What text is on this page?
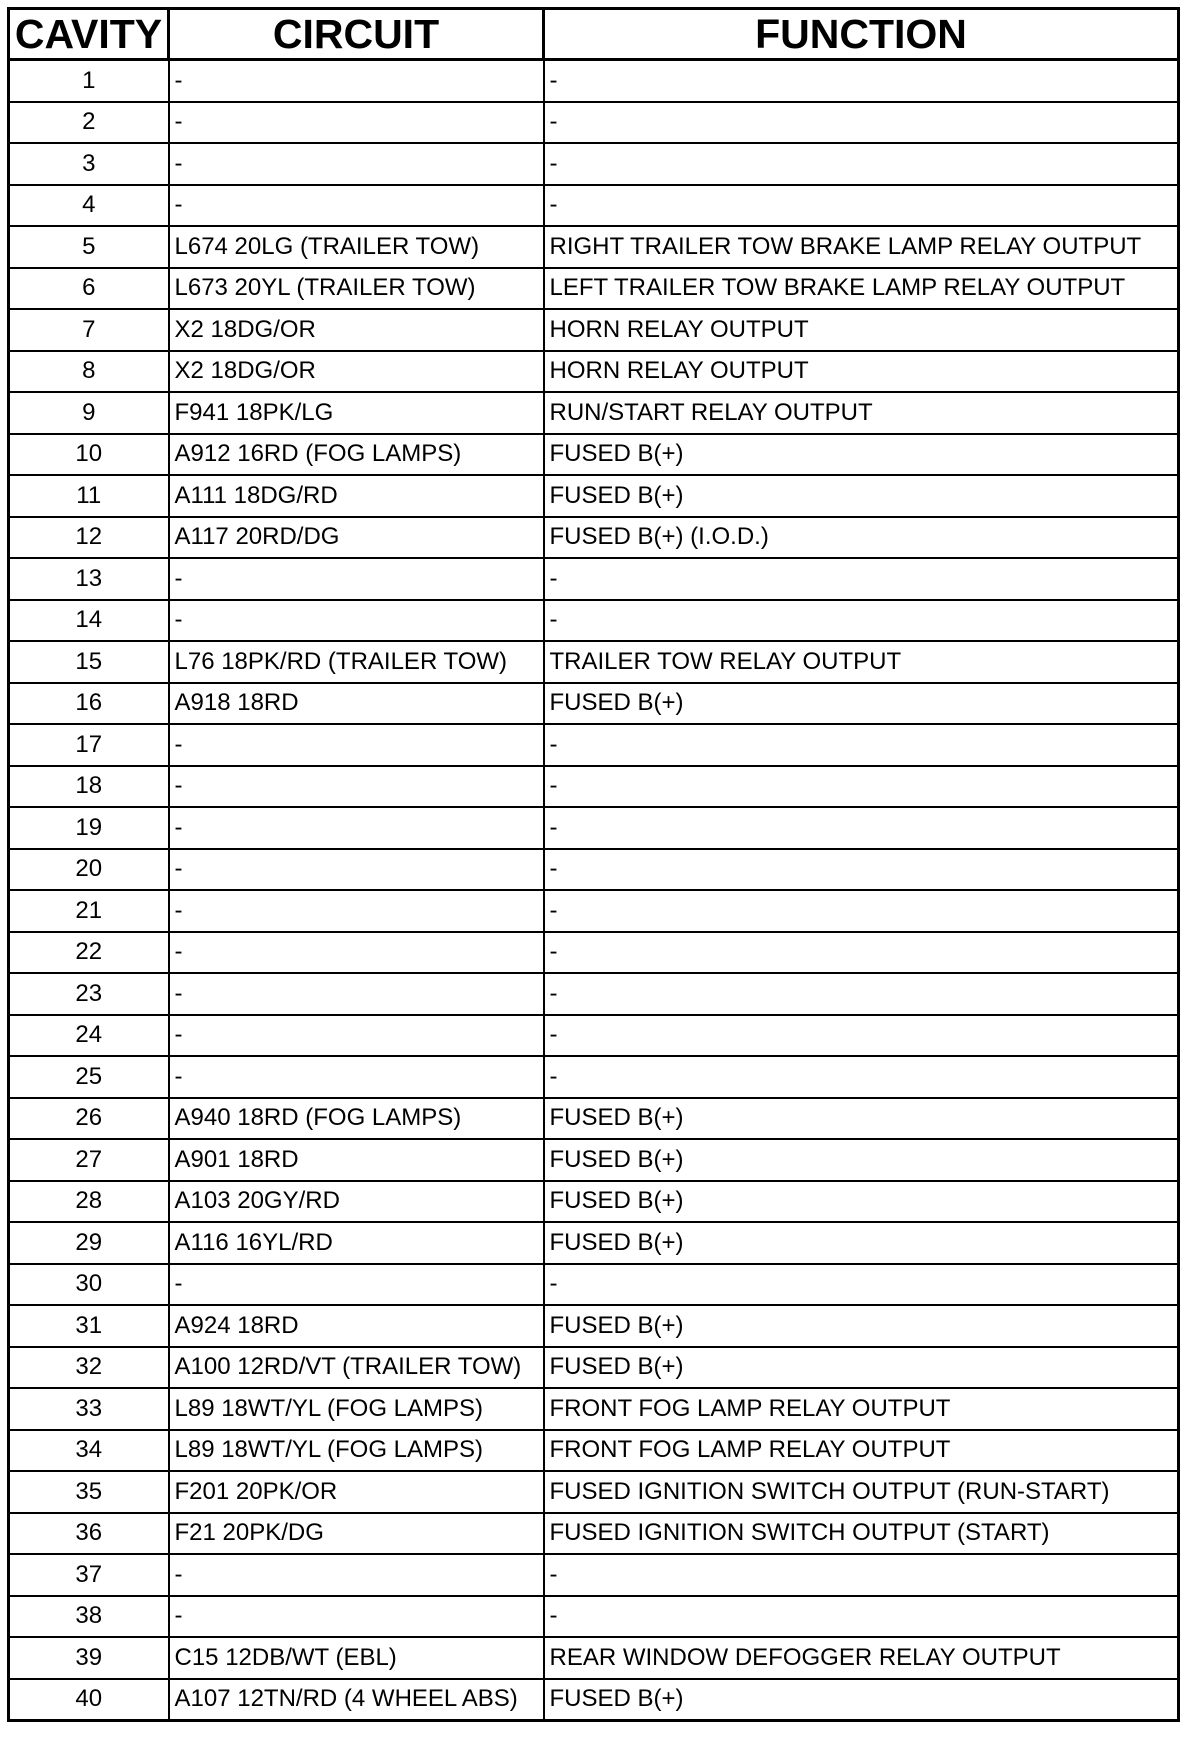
CAVITY	CIRCUIT	FUNCTION
1	-	-
2	-	-
3	-	-
4	-	-
5	L674 20LG (TRAILER TOW)	RIGHT TRAILER TOW BRAKE LAMP RELAY OUTPUT
6	L673 20YL (TRAILER TOW)	LEFT TRAILER TOW BRAKE LAMP RELAY OUTPUT
7	X2 18DG/OR	HORN RELAY OUTPUT
8	X2 18DG/OR	HORN RELAY OUTPUT
9	F941 18PK/LG	RUN/START RELAY OUTPUT
10	A912 16RD (FOG LAMPS)	FUSED B(+)
11	A111 18DG/RD	FUSED B(+)
12	A117 20RD/DG	FUSED B(+) (I.O.D.)
13	-	-
14	-	-
15	L76 18PK/RD (TRAILER TOW)	TRAILER TOW RELAY OUTPUT
16	A918 18RD	FUSED B(+)
17	-	-
18	-	-
19	-	-
20	-	-
21	-	-
22	-	-
23	-	-
24	-	-
25	-	-
26	A940 18RD (FOG LAMPS)	FUSED B(+)
27	A901 18RD	FUSED B(+)
28	A103 20GY/RD	FUSED B(+)
29	A116 16YL/RD	FUSED B(+)
30	-	-
31	A924 18RD	FUSED B(+)
32	A100 12RD/VT (TRAILER TOW)	FUSED B(+)
33	L89 18WT/YL (FOG LAMPS)	FRONT FOG LAMP RELAY OUTPUT
34	L89 18WT/YL (FOG LAMPS)	FRONT FOG LAMP RELAY OUTPUT
35	F201 20PK/OR	FUSED IGNITION SWITCH OUTPUT (RUN-START)
36	F21 20PK/DG	FUSED IGNITION SWITCH OUTPUT (START)
37	-	-
38	-	-
39	C15 12DB/WT (EBL)	REAR WINDOW DEFOGGER RELAY OUTPUT
40	A107 12TN/RD (4 WHEEL ABS)	FUSED B(+)
